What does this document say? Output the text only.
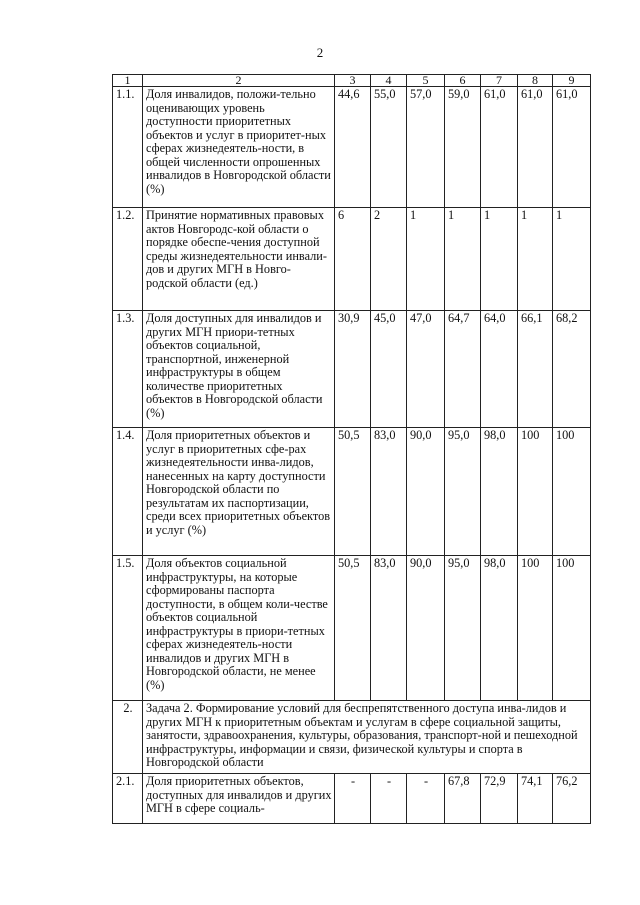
2
1	2	3	4	5	6	7	8	9
1.1.	Доля инвалидов, положи-тельно оценивающих уровень доступности приоритетных объектов и услуг в приоритет-ных сферах жизнедеятель-ности, в общей численности опрошенных инвалидов в Новгородской области (%)	44,6	55,0	57,0	59,0	61,0	61,0	61,0
1.2.	Принятие нормативных правовых актов Новгородс-кой области о порядке обеспе-чения доступной среды жизнедеятельности инвали-дов и других МГН в Новго-родской области (ед.)	6	2	1	1	1	1	1
1.3.	Доля доступных для инвалидов и других МГН приори-тетных объектов социальной, транспортной, инженерной инфраструктуры в общем количестве приоритетных объектов в Новгородской области (%)	30,9	45,0	47,0	64,7	64,0	66,1	68,2
1.4.	Доля приоритетных объектов и услуг в приоритетных сфе-рах жизнедеятельности инва-лидов, нанесенных на карту доступности Новгородской области по результатам их паспортизации, среди всех приоритетных объектов и услуг (%)	50,5	83,0	90,0	95,0	98,0	100	100
1.5.	Доля объектов социальной инфраструктуры, на которые сформированы паспорта доступности, в общем коли-честве объектов социальной инфраструктуры в приори-тетных сферах жизнедеятель-ности инвалидов и других МГН в Новгородской области, не менее (%)	50,5	83,0	90,0	95,0	98,0	100	100
2.	Задача 2. Формирование условий для беспрепятственного доступа инва-лидов и других МГН к приоритетным объектам и услугам в сфере социальной защиты, занятости, здравоохранения, культуры, образования, транспорт-ной и пешеходной инфраструктуры, информации и связи, физической культуры и спорта в Новгородской области							
2.1.	Доля приоритетных объектов, доступных для инвалидов и других МГН в сфере социаль-	-	-	-	67,8	72,9	74,1	76,2
